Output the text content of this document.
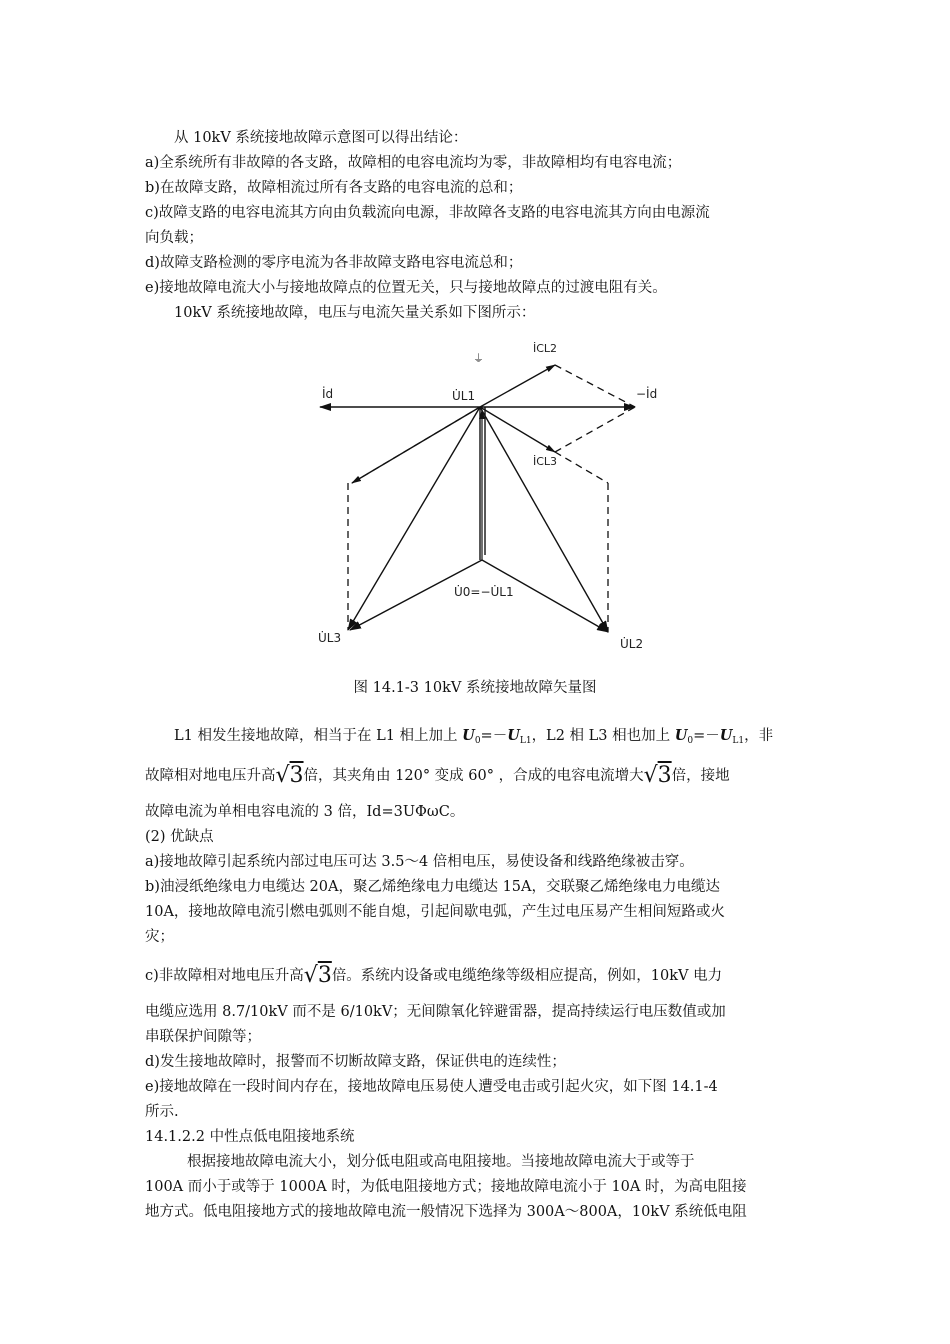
从 10kV 系统接地故障示意图可以得出结论：
a)全系统所有非故障的各支路，故障相的电容电流均为零，非故障相均有电容电流；
b)在故障支路，故障相流过所有各支路的电容电流的总和；
c)故障支路的电容电流其方向由负载流向电源，非故障各支路的电容电流其方向由电源流
向负载；
d)故障支路检测的零序电流为各非故障支路电容电流总和；
e)接地故障电流大小与接地故障点的位置无关，只与接地故障点的过渡电阻有关。
10kV 系统接地故障，电压与电流矢量关系如下图所示：
⏚
İd	−İd
U̇L1
İCL2
İCL3
U̇0=−U̇L1
U̇L3	U̇L2
图 14.1-3 10kV 系统接地故障矢量图
L1 相发生接地故障，相当于在 L1 相上加上 $U_0=-U_{L1}$，L2 相 L3 相也加上 $U_0=-U_{L1}$，非
故障相对地电压升高√3倍，其夹角由 120° 变成 60° ，合成的电容电流增大√3倍，接地
故障电流为单相电容电流的 3 倍，Id=3UΦωC。
(2) 优缺点
a)接地故障引起系统内部过电压可达 3.5～4 倍相电压，易使设备和线路绝缘被击穿。
b)油浸纸绝缘电力电缆达 20A，聚乙烯绝缘电力电缆达 15A，交联聚乙烯绝缘电力电缆达
10A，接地故障电流引燃电弧则不能自熄，引起间歇电弧，产生过电压易产生相间短路或火
灾；
c)非故障相对地电压升高√3倍。系统内设备或电缆绝缘等级相应提高，例如，10kV 电力
电缆应选用 8.7/10kV 而不是 6/10kV；无间隙氧化锌避雷器，提高持续运行电压数值或加
串联保护间隙等；
d)发生接地故障时，报警而不切断故障支路，保证供电的连续性；
e)接地故障在一段时间内存在，接地故障电压易使人遭受电击或引起火灾，如下图 14.1-4
所示.
14.1.2.2 中性点低电阻接地系统
根据接地故障电流大小，划分低电阻或高电阻接地。当接地故障电流大于或等于
100A 而小于或等于 1000A 时，为低电阻接地方式；接地故障电流小于 10A 时，为高电阻接
地方式。低电阻接地方式的接地故障电流一般情况下选择为 300A～800A，10kV 系统低电阻
